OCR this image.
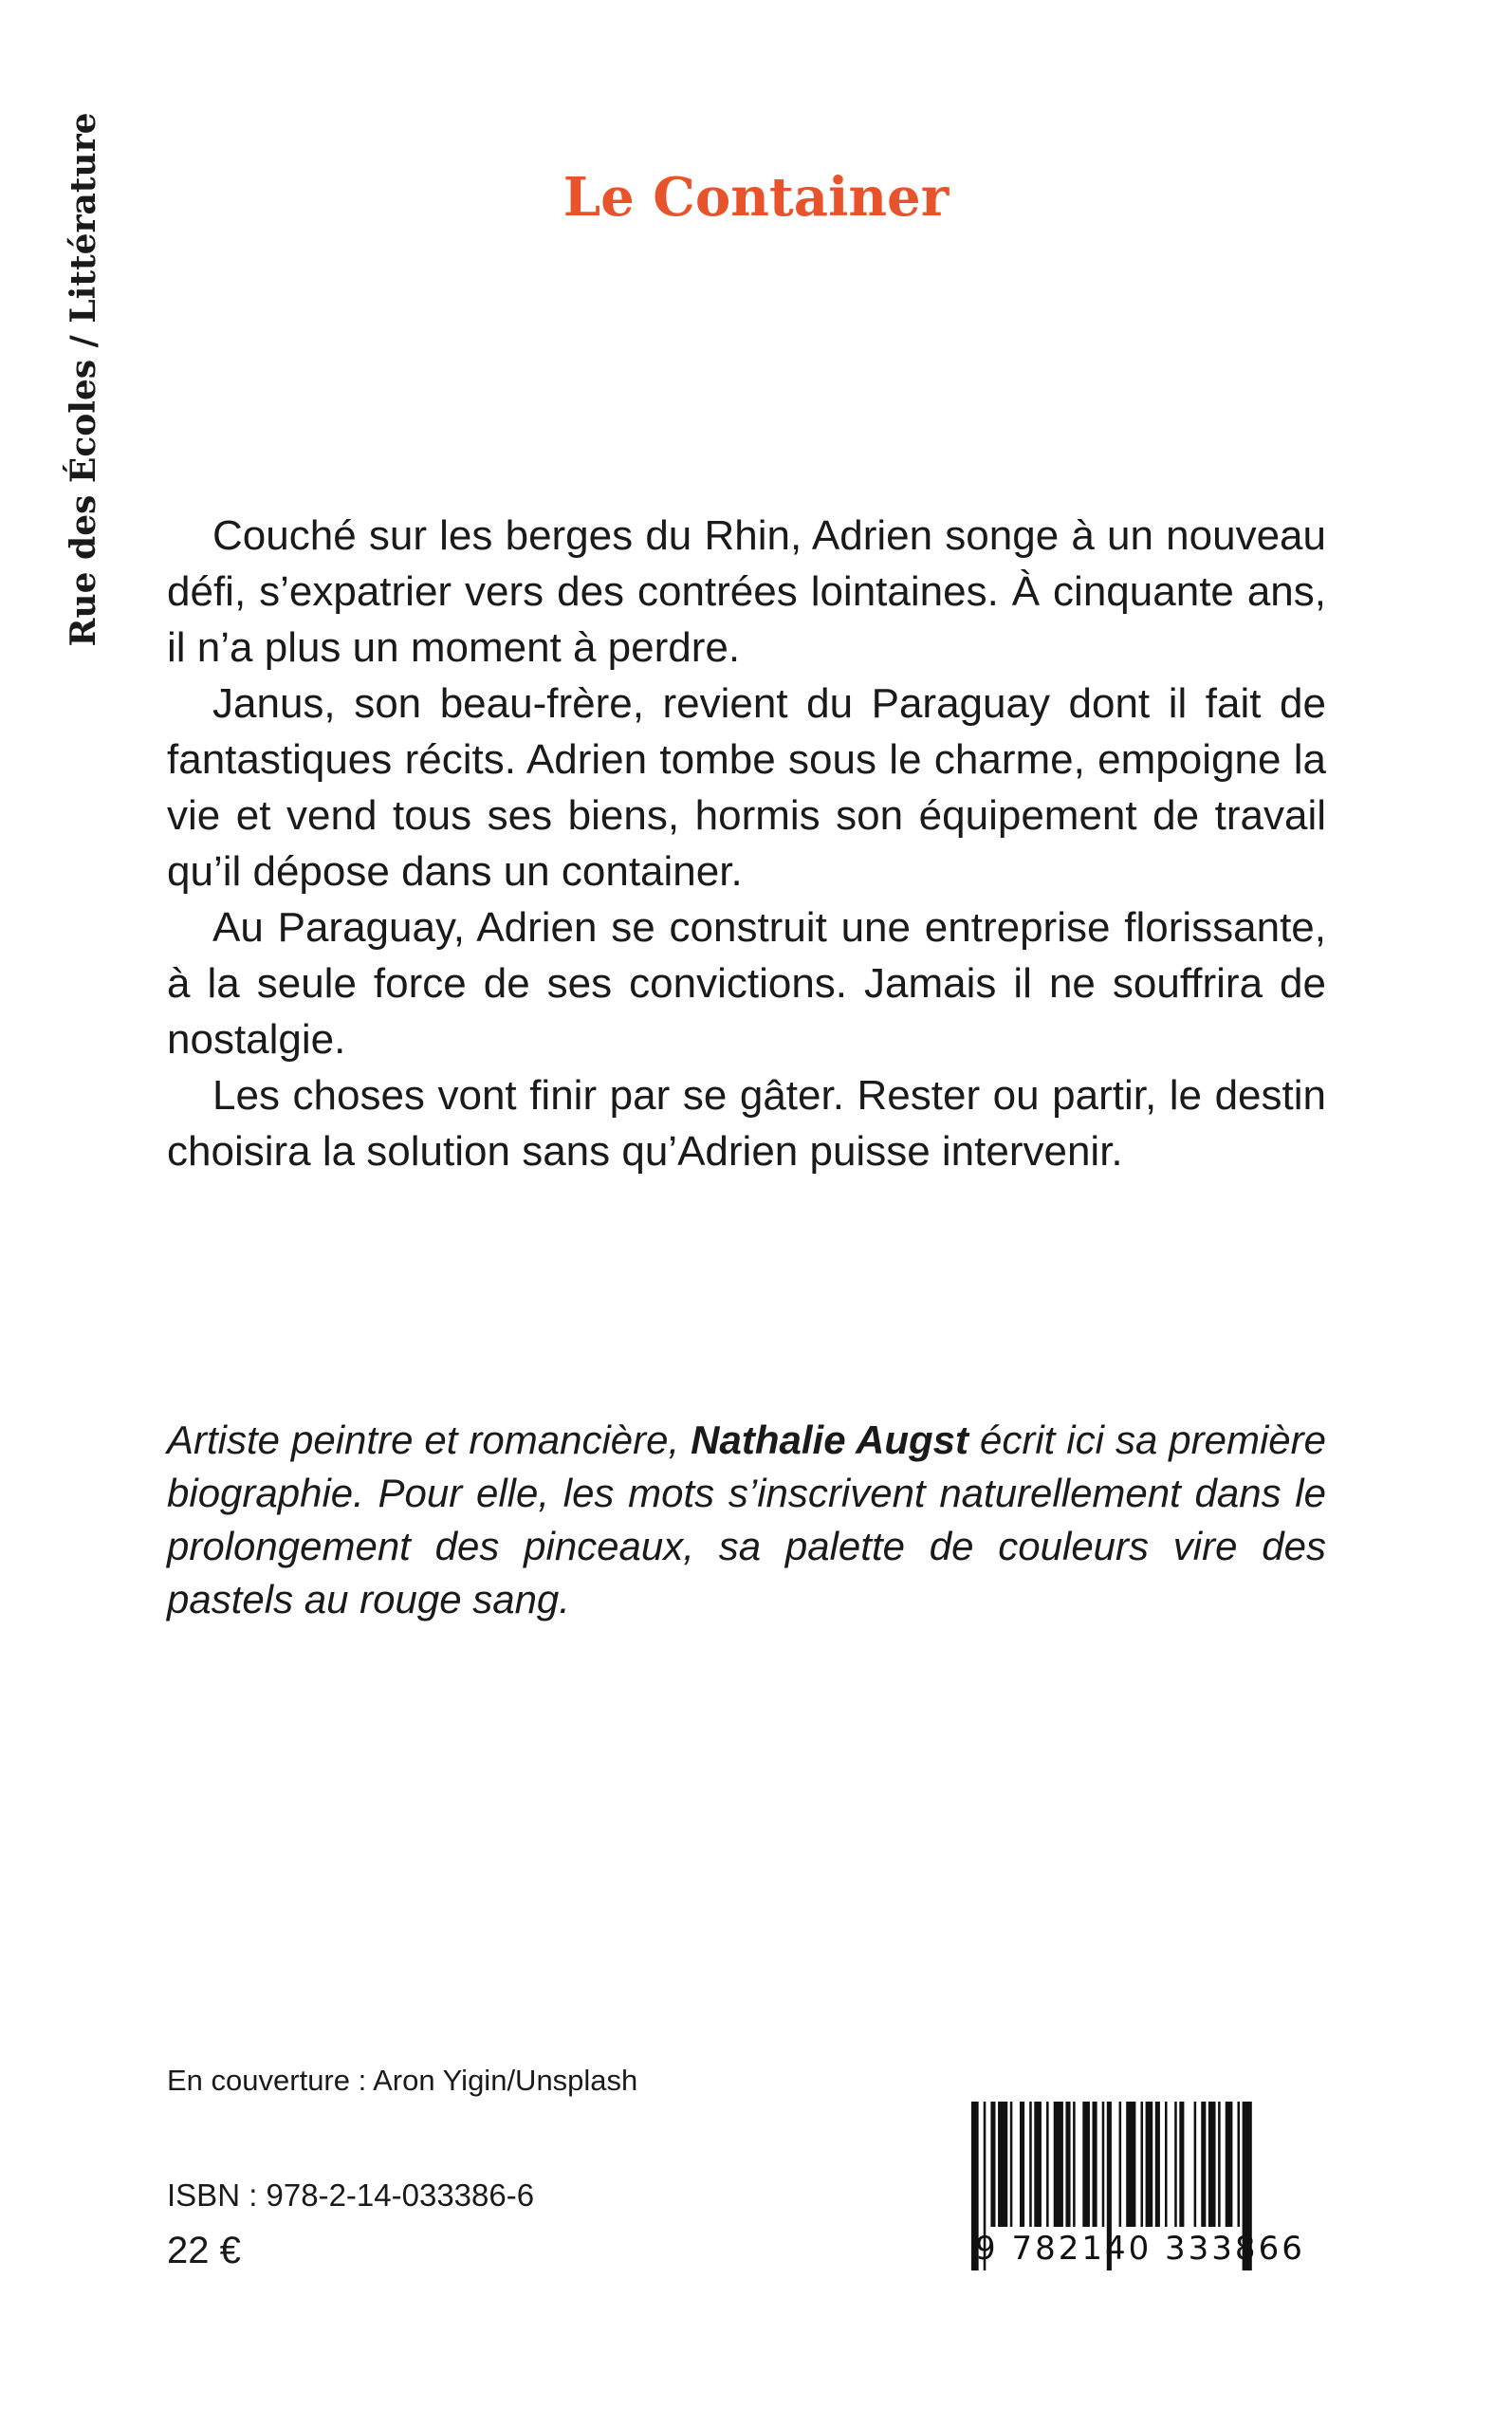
Rue des Écoles / Littérature	Le Container

Couché sur les berges du Rhin, Adrien songe à un nouveau défi, s’expatrier vers des contrées lointaines. À cinquante ans, il n’a plus un moment à perdre.

Janus, son beau-frère, revient du Paraguay dont il fait de fantastiques récits. Adrien tombe sous le charme, empoigne la vie et vend tous ses biens, hormis son équipement de travail qu’il dépose dans un container.

Au Paraguay, Adrien se construit une entreprise florissante, à la seule force de ses convictions. Jamais il ne souffrira de nostalgie.

Les choses vont finir par se gâter. Rester ou partir, le destin choisira la solution sans qu’Adrien puisse intervenir.

Artiste peintre et romancière, Nathalie Augst écrit ici sa première biographie. Pour elle, les mots s’inscrivent naturellement dans le prolongement des pinceaux, sa palette de couleurs vire des pastels au rouge sang.

En couverture : Aron Yigin/Unsplash
ISBN : 978-2-14-033386-6
22 €	9 782140 333866
